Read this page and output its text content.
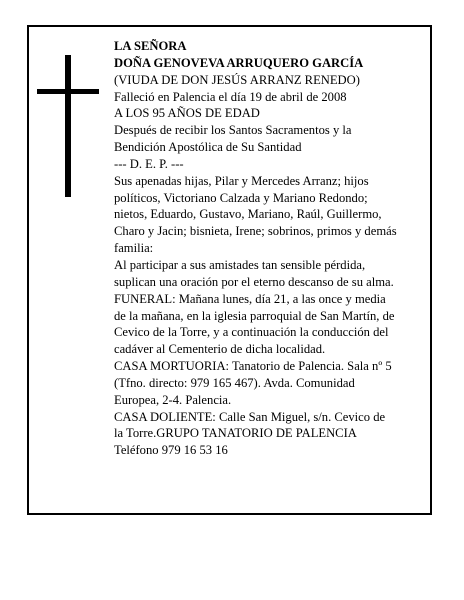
LA SEÑORA
DOÑA GENOVEVA ARRUQUERO GARCÍA
(VIUDA DE DON JESÚS ARRANZ RENEDO)
Falleció en Palencia el día 19 de abril de 2008
A LOS 95 AÑOS DE EDAD
Después de recibir los Santos Sacramentos y la
Bendición Apostólica de Su Santidad
--- D. E. P. ---
Sus apenadas hijas, Pilar y Mercedes Arranz; hijos
políticos, Victoriano Calzada y Mariano Redondo;
nietos, Eduardo, Gustavo, Mariano, Raúl, Guillermo,
Charo y Jacin; bisnieta, Irene; sobrinos, primos y demás
familia:
Al participar a sus amistades tan sensible pérdida,
suplican una oración por el eterno descanso de su alma.
FUNERAL: Mañana lunes, día 21, a las once y media
de la mañana, en la iglesia parroquial de San Martín, de
Cevico de la Torre, y a continuación la conducción del
cadáver al Cementerio de dicha localidad.
CASA MORTUORIA: Tanatorio de Palencia. Sala nº 5
(Tfno. directo: 979 165 467). Avda. Comunidad
Europea, 2-4. Palencia.
CASA DOLIENTE: Calle San Miguel, s/n. Cevico de
la Torre.GRUPO TANATORIO DE PALENCIA
Teléfono 979 16 53 16
